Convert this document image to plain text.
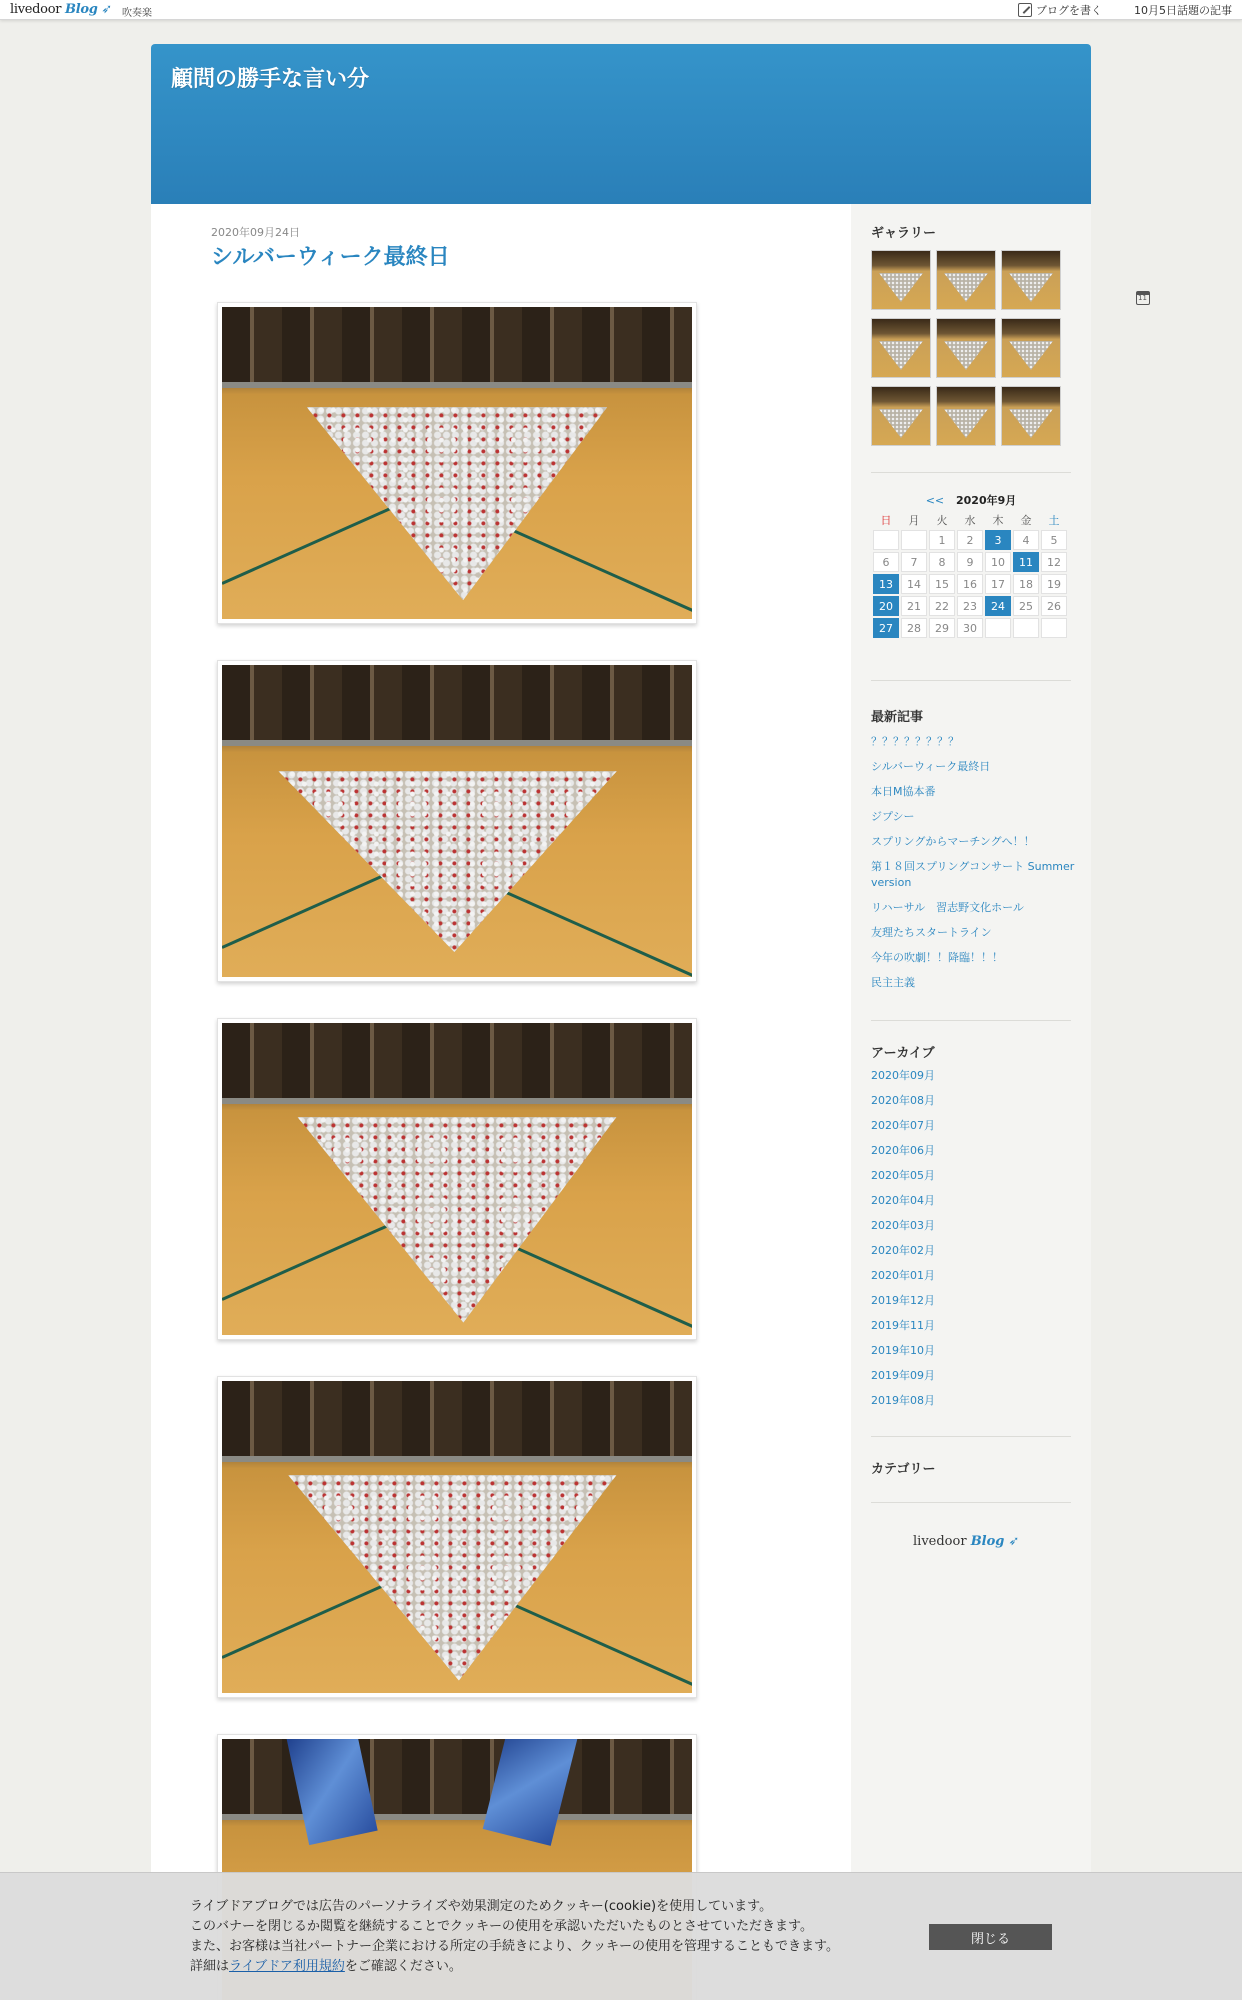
livedoor Blog ➶ 吹奏楽	ブログを書く
11	10月5日話題の記事
顧問の勝手な言い分
2020年09月24日
シルバーウィーク最終日
ギャラリー
<< 2020年9月
日	月	火	水	木	金	土
		1	2	3	4	5
6	7	8	9	10	11	12
13	14	15	16	17	18	19
20	21	22	23	24	25	26
27	28	29	30			
最新記事
？？？？？？？？
シルバーウィーク最終日
本日M協本番
ジプシー
スプリングからマーチングへ！！
第１８回スプリングコンサート Summer version
リハーサル　習志野文化ホール
友理たちスタートライン
今年の吹劇！！降臨！！！
民主主義
アーカイブ
2020年09月
2020年08月
2020年07月
2020年06月
2020年05月
2020年04月
2020年03月
2020年02月
2020年01月
2019年12月
2019年11月
2019年10月
2019年09月
2019年08月
カテゴリー
livedoor Blog ➶
ライブドアブログでは広告のパーソナライズや効果測定のためクッキー(cookie)を使用しています。
このバナーを閉じるか閲覧を継続することでクッキーの使用を承認いただいたものとさせていただきます。
また、お客様は当社パートナー企業における所定の手続きにより、クッキーの使用を管理することもできます。
詳細はライブドア利用規約をご確認ください。
閉じる
